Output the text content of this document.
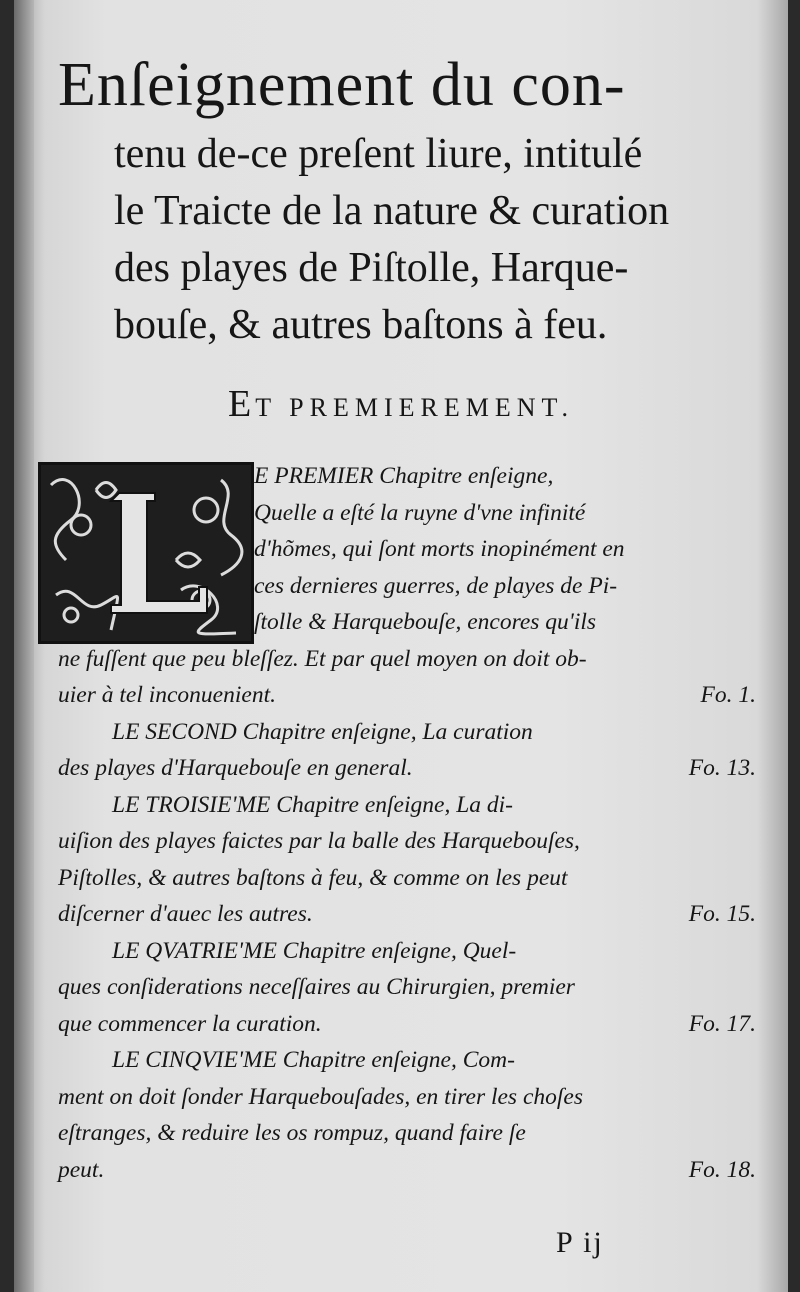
Enſeignement du con-
tenu de-ce preſent liure, intitulé
le Traicte de la nature & curation
des playes de Piſtolle, Harque-
bouſe, & autres baſtons à feu.
ET PREMIEREMENT.
E PREMIER Chapitre enſeigne,
Quelle a eſté la ruyne d'vne infinité
d'hõmes, qui ſont morts inopinément en
ces dernieres guerres, de playes de Pi-
ſtolle & Harquebouſe, encores qu'ils
ne fuſſent que peu bleſſez. Et par quel moyen on doit ob-
uier à tel inconuenient.	Fo. 1.
LE SECOND Chapitre enſeigne, La curation
des playes d'Harquebouſe en general.	Fo. 13.
LE TROISIE'ME Chapitre enſeigne, La di-
uiſion des playes faictes par la balle des Harquebouſes,
Piſtolles, & autres baſtons à feu, & comme on les peut
diſcerner d'auec les autres.	Fo. 15.
LE QVATRIE'ME Chapitre enſeigne, Quel-
ques conſiderations neceſſaires au Chirurgien, premier
que commencer la curation.	Fo. 17.
LE CINQVIE'ME Chapitre enſeigne, Com-
ment on doit ſonder Harquebouſades, en tirer les choſes
eſtranges, & reduire les os rompuz, quand faire ſe
peut.	Fo. 18.
P ij
